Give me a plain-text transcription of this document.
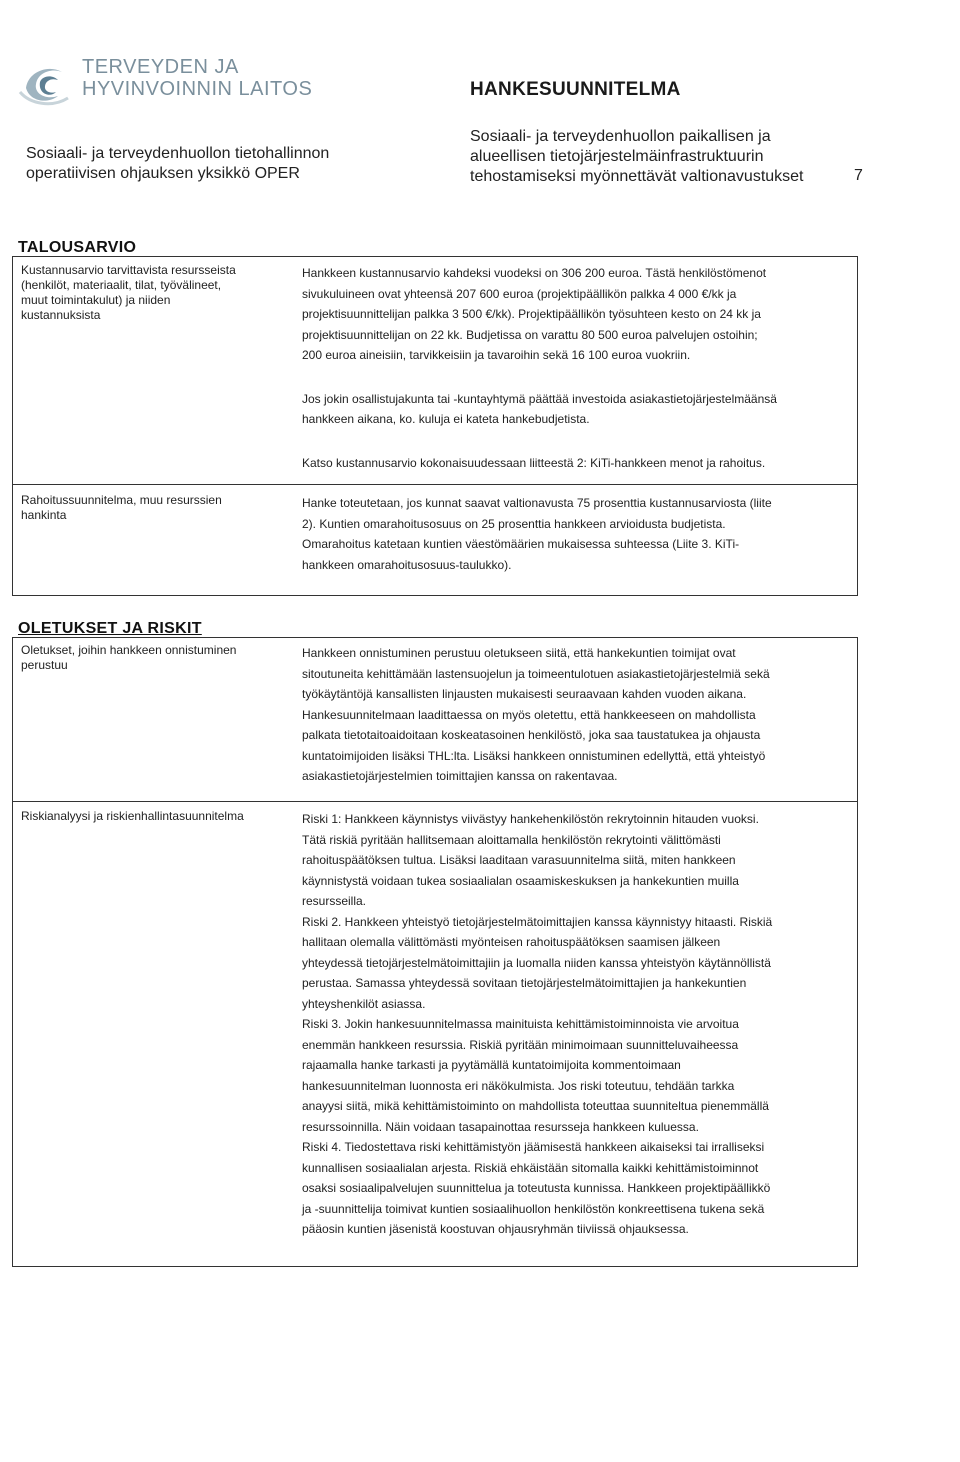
TERVEYDEN JA
HYVINVOINNIN LAITOS
Sosiaali- ja terveydenhuollon tietohallinnon
operatiivisen ohjauksen yksikkö OPER
HANKESUUNNITELMA
Sosiaali- ja terveydenhuollon paikallisen ja
alueellisen tietojärjestelmäinfrastruktuurin
tehostamiseksi myönnettävät valtionavustukset	7
TALOUSARVIO
Kustannusarvio tarvittavista resursseista
(henkilöt, materiaalit, tilat, työvälineet,
muut toimintakulut) ja niiden
kustannuksista
Hankkeen kustannusarvio kahdeksi vuodeksi on 306 200 euroa. Tästä henkilöstömenot
sivukuluineen ovat yhteensä 207 600 euroa (projektipäällikön palkka 4 000 €/kk ja
projektisuunnittelijan palkka 3 500 €/kk). Projektipäällikön työsuhteen kesto on 24 kk ja
projektisuunnittelijan on 22 kk. Budjetissa on varattu 80 500 euroa palvelujen ostoihin;
200 euroa aineisiin, tarvikkeisiin ja tavaroihin sekä 16 100 euroa vuokriin.
Jos jokin osallistujakunta tai -kuntayhtymä päättää investoida asiakastietojärjestelmäänsä
hankkeen aikana, ko. kuluja ei kateta hankebudjetista.
Katso kustannusarvio kokonaisuudessaan liitteestä 2: KiTi-hankkeen menot ja rahoitus.
Rahoitussuunnitelma, muu resurssien
hankinta
Hanke toteutetaan, jos kunnat saavat valtionavusta 75 prosenttia kustannusarviosta (liite
2). Kuntien omarahoitusosuus on 25 prosenttia hankkeen arvioidusta budjetista.
Omarahoitus katetaan kuntien väestömäärien mukaisessa suhteessa (Liite 3. KiTi-
hankkeen omarahoitusosuus-taulukko).
OLETUKSET JA RISKIT
Oletukset, joihin hankkeen onnistuminen
perustuu
Hankkeen onnistuminen perustuu oletukseen siitä, että hankekuntien toimijat ovat
sitoutuneita kehittämään lastensuojelun ja toimeentulotuen asiakastietojärjestelmiä sekä
työkäytäntöjä kansallisten linjausten mukaisesti seuraavaan kahden vuoden aikana.
Hankesuunnitelmaan laadittaessa on myös oletettu, että hankkeeseen on mahdollista
palkata tietotaitoaidoitaan koskeatasoinen henkilöstö, joka saa taustatukea ja ohjausta
kuntatoimijoiden lisäksi THL:lta. Lisäksi hankkeen onnistuminen edellyttä, että yhteistyö
asiakastietojärjestelmien toimittajien kanssa on rakentavaa.
Riskianalyysi ja riskienhallintasuunnitelma	Riski 1: Hankkeen käynnistys viivästyy hankehenkilöstön rekrytoinnin hitauden vuoksi.
Tätä riskiä pyritään hallitsemaan aloittamalla henkilöstön rekrytointi välittömästi
rahoituspäätöksen tultua. Lisäksi laaditaan varasuunnitelma siitä, miten hankkeen
käynnistystä voidaan tukea sosiaalialan osaamiskeskuksen ja hankekuntien muilla
resursseilla.
Riski 2. Hankkeen yhteistyö tietojärjestelmätoimittajien kanssa käynnistyy hitaasti. Riskiä
hallitaan olemalla välittömästi myönteisen rahoituspäätöksen saamisen jälkeen
yhteydessä tietojärjestelmätoimittajiin ja luomalla niiden kanssa yhteistyön käytännöllistä
perustaa. Samassa yhteydessä sovitaan tietojärjestelmätoimittajien ja hankekuntien
yhteyshenkilöt asiassa.
Riski 3. Jokin hankesuunnitelmassa mainituista kehittämistoiminnoista vie arvoitua
enemmän hankkeen resurssia. Riskiä pyritään minimoimaan suunnitteluvaiheessa
rajaamalla hanke tarkasti ja pyytämällä kuntatoimijoita kommentoimaan
hankesuunnitelman luonnosta eri näkökulmista. Jos riski toteutuu, tehdään tarkka
anayysi siitä, mikä kehittämistoiminto on mahdollista toteuttaa suunniteltua pienemmällä
resurssoinnilla. Näin voidaan tasapainottaa resursseja hankkeen kuluessa.
Riski 4. Tiedostettava riski kehittämistyön jäämisestä hankkeen aikaiseksi tai irralliseksi
kunnallisen sosiaalialan arjesta. Riskiä ehkäistään sitomalla kaikki kehittämistoiminnot
osaksi sosiaalipalvelujen suunnittelua ja toteutusta kunnissa. Hankkeen projektipäällikkö
ja -suunnittelija toimivat kuntien sosiaalihuollon henkilöstön konkreettisena tukena sekä
pääosin kuntien jäsenistä koostuvan ohjausryhmän tiiviissä ohjauksessa.
